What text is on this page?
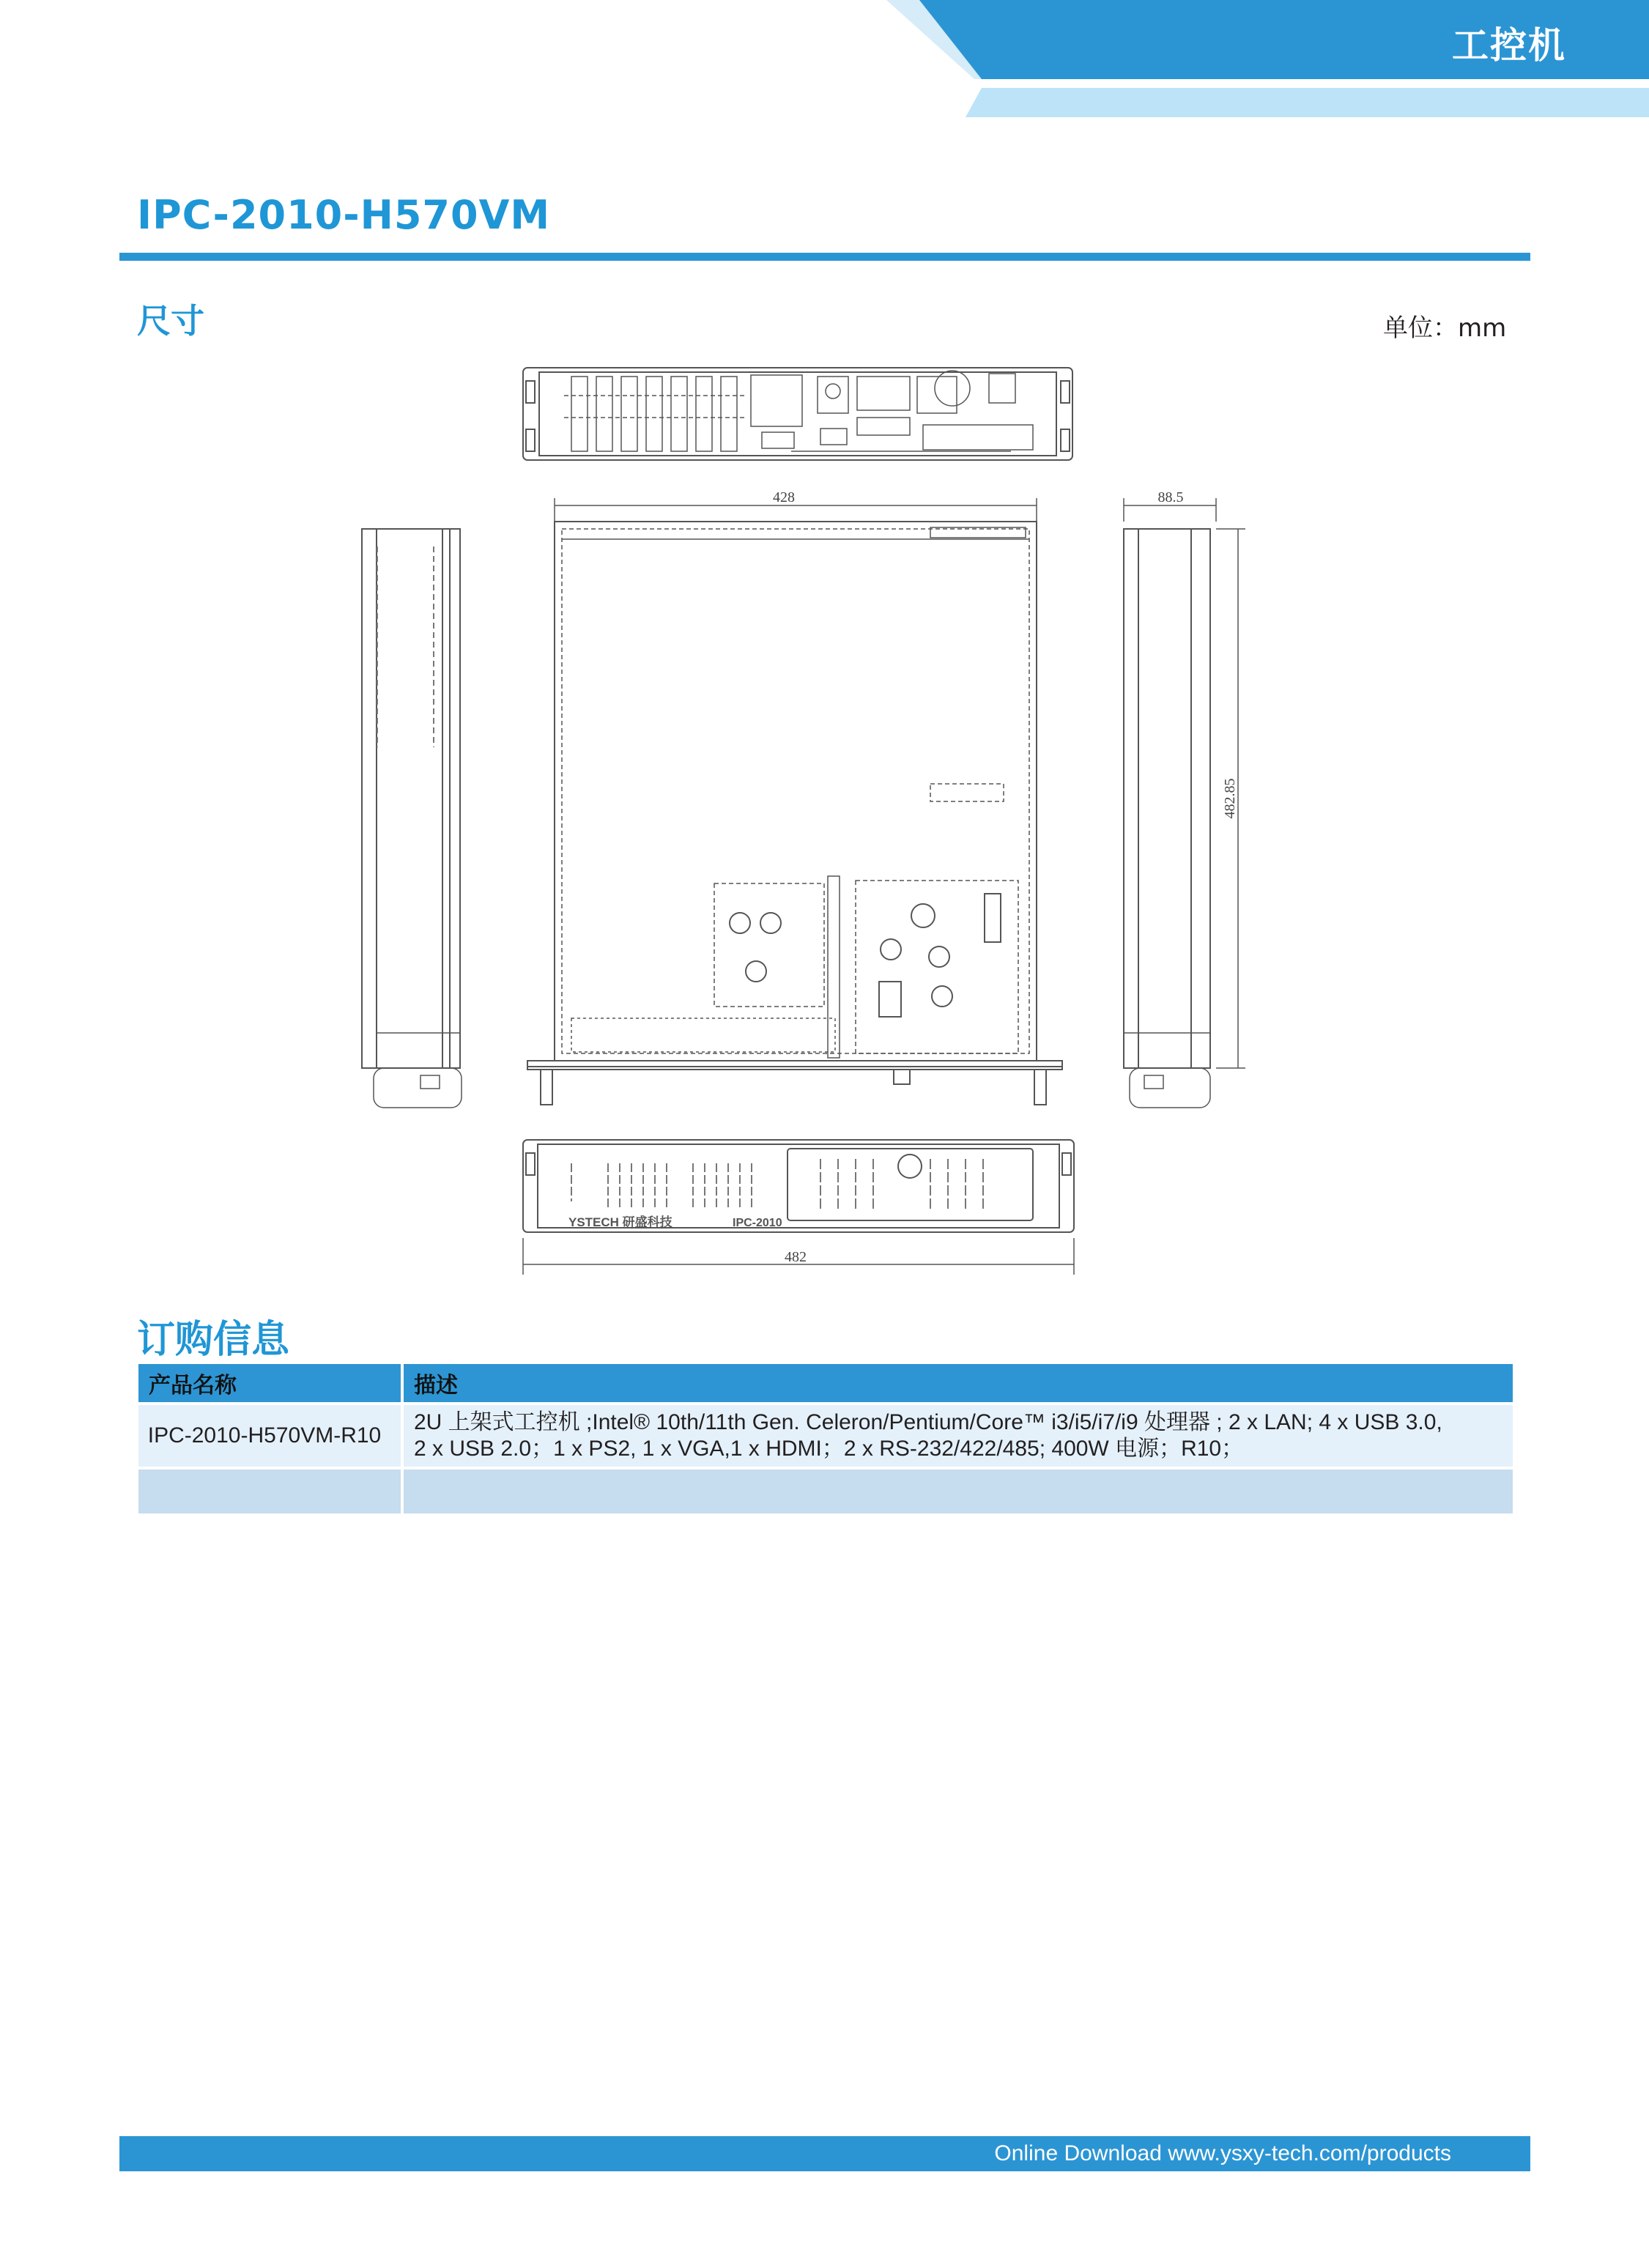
工控机
IPC-2010-H570VM
尺寸	单位：mm
428	88.5
482.85
482
YSTECH 研盛科技	IPC-2010
订购信息
产品名称	描述
IPC-2010-H570VM-R10	2U 上架式工控机 ;Intel® 10th/11th Gen. Celeron/Pentium/Core™ i3/i5/i7/i9 处理器 ; 2 x LAN; 4 x USB 3.0,
2 x USB 2.0；1 x PS2, 1 x VGA,1 x HDMI；2 x RS-232/422/485; 400W 电源；R10；

Online Download www.ysxy-tech.com/products
